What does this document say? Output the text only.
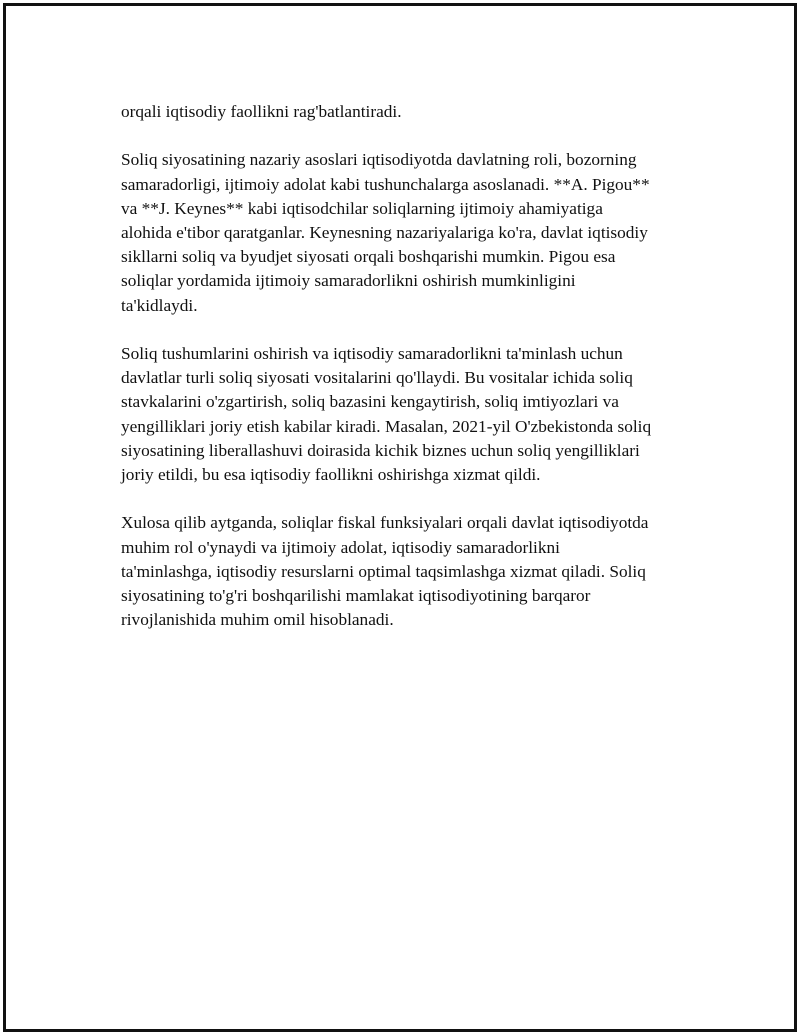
orqali iqtisodiy faollikni rag'batlantiradi.

Soliq siyosatining nazariy asoslari iqtisodiyotda davlatning roli, bozorning
samaradorligi, ijtimoiy adolat kabi tushunchalarga asoslanadi. **A. Pigou**
va **J. Keynes** kabi iqtisodchilar soliqlarning ijtimoiy ahamiyatiga
alohida e'tibor qaratganlar. Keynesning nazariyalariga ko'ra, davlat iqtisodiy
sikllarni soliq va byudjet siyosati orqali boshqarishi mumkin. Pigou esa
soliqlar yordamida ijtimoiy samaradorlikni oshirish mumkinligini
ta'kidlaydi.

Soliq tushumlarini oshirish va iqtisodiy samaradorlikni ta'minlash uchun
davlatlar turli soliq siyosati vositalarini qo'llaydi. Bu vositalar ichida soliq
stavkalarini o'zgartirish, soliq bazasini kengaytirish, soliq imtiyozlari va
yengilliklari joriy etish kabilar kiradi. Masalan, 2021-yil O'zbekistonda soliq
siyosatining liberallashuvi doirasida kichik biznes uchun soliq yengilliklari
joriy etildi, bu esa iqtisodiy faollikni oshirishga xizmat qildi.

Xulosa qilib aytganda, soliqlar fiskal funksiyalari orqali davlat iqtisodiyotda
muhim rol o'ynaydi va ijtimoiy adolat, iqtisodiy samaradorlikni
ta'minlashga, iqtisodiy resurslarni optimal taqsimlashga xizmat qiladi. Soliq
siyosatining to'g'ri boshqarilishi mamlakat iqtisodiyotining barqaror
rivojlanishida muhim omil hisoblanadi.
